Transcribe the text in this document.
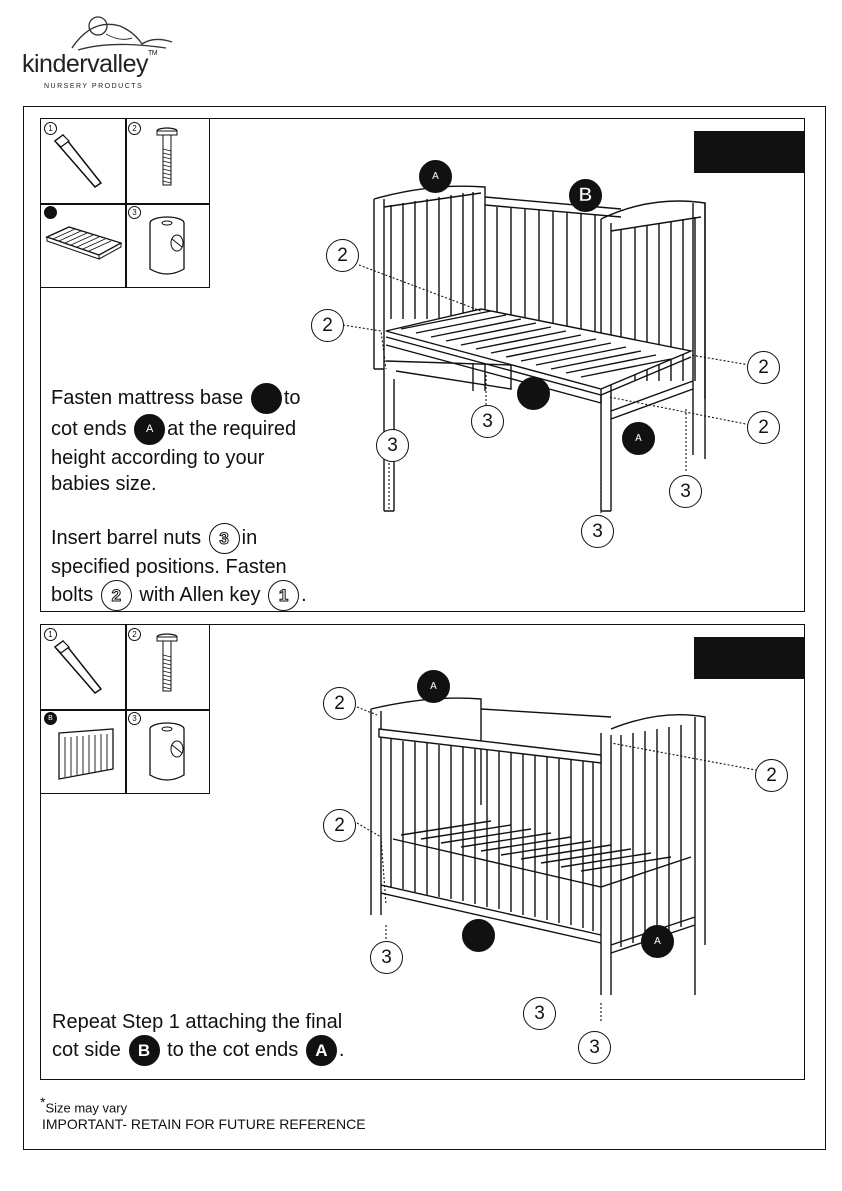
kindervalley™
NURSERY PRODUCTS
1	2
3
A
B
2
2
2
2
A
3
3
3
3
Fasten mattress base to
cot ends A at the required
height according to your
babies size.
Insert barrel nuts 3 in
specified positions. Fasten
bolts 2 with Allen key 1 .
1	2
B	3
A
2
2
2
A
3
3
3
Repeat Step 1 attaching the final
cot side B to the cot ends A .
*Size may vary
IMPORTANT- RETAIN FOR FUTURE REFERENCE
